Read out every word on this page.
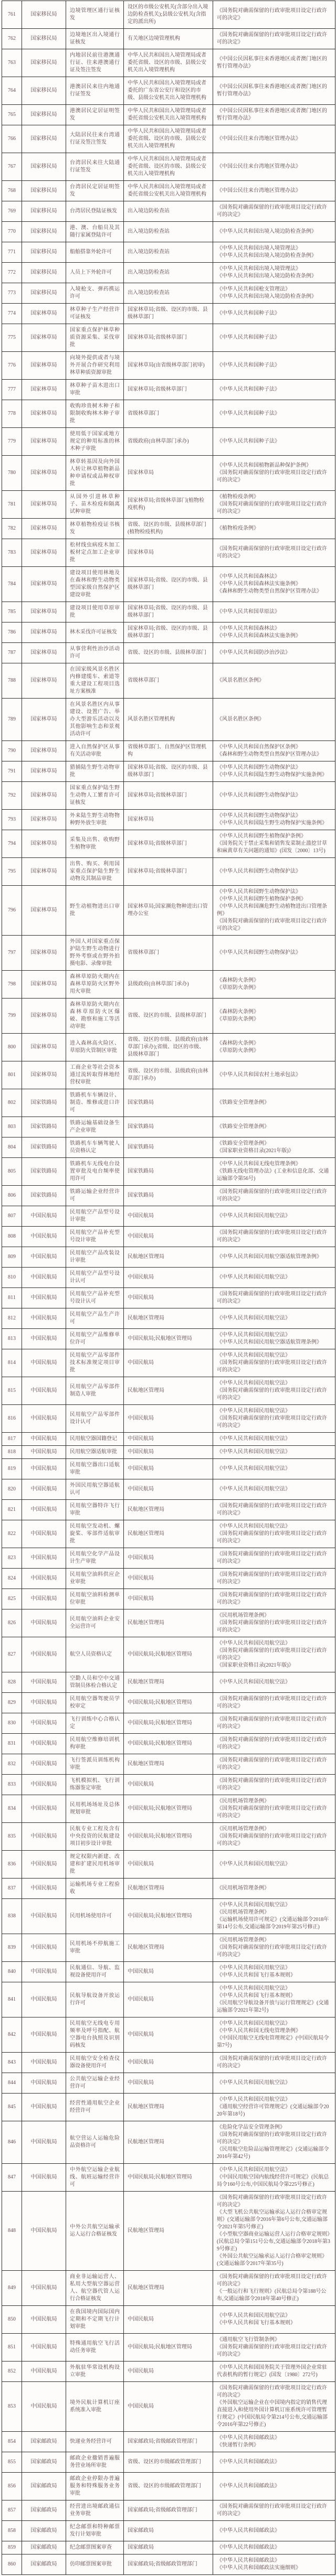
761	国家移民局	边境管理区通行证核发	设区的市级公安机关(含部分出入境边防检查机关);县级公安机关(含指定的派出所)	《国务院对确需保留的行政审批项目设定行政许可的决定》

762	国家移民局	边境地区出入境通行证核发	有关地区边境管理机构	《国务院对确需保留的行政审批项目设定行政许可的决定》

763	国家移民局	内地居民前往港澳通行证、往来港澳通行证及签注签发	中华人民共和国出入境管理局或者委托省级、设区的市级、县级公安机关出入境管理机构	《中国公民因私事往来香港地区或者澳门地区的暂行管理办法》

764	国家移民局	港澳居民来往内地通行证签发	中华人民共和国出入境管理局或者委托的广东省公安厅和设区的市级、县级公安机关出入境管理机构	《中国公民因私事往来香港地区或者澳门地区的暂行管理办法》

765	国家移民局	港澳居民定居证明签发	中华人民共和国出入境管理局或者委托省级公安机关出入境管理机构	《中国公民因私事往来香港地区或者澳门地区的暂行管理办法》

766	国家移民局	大陆居民往来台湾通行证及签注签发	中华人民共和国出入境管理局或者委托省级、设区的市级、县级公安机关出入境管理机构	《中国公民往来台湾地区管理办法》

767	国家移民局	台湾居民来往大陆通行证签发	中华人民共和国出入境管理局或者委托省级、设区的市级、县级公安机关出入境管理机构	《中国公民往来台湾地区管理办法》

768	国家移民局	台湾居民定居证明签发	中华人民共和国出入境管理局或者委托省级公安机关出入境管理机构	《中国公民往来台湾地区管理办法》

769	国家移民局	台湾居民登陆证核发	出入境边防检查站	《国务院对确需保留的行政审批项目设定行政许可的决定》

770	国家移民局	港、澳、台船员及其随行家属登陆许可	出入境边防检查站	《中华人民共和国出境入境边防检查条例》

771	国家移民局	船舶搭靠外轮许可	出入境边防检查站	《中华人民共和国出境入境管理法》
《中华人民共和国出境入境边防检查条例》

772	国家移民局	人员上下外轮许可	出入境边防检查站	《中华人民共和国出境入境管理法》
《中华人民共和国出境入境边防检查条例》

773	国家移民局	入境枪支、弹药携运许可	出入境边防检查站	《中华人民共和国枪支管理法》
《中华人民共和国出境入境边防检查条例》

774	国家林草局	林草种子生产经营许可证核发	国家林草局;省级、设区的市级、县级林草部门	《中华人民共和国种子法》

775	国家林草局	国家重点保护林草种质资源采集、采伐审批	国家林草局;省级林草部门	《中华人民共和国种子法》

776	国家林草局	向境外提供或者与境外开展合作研究利用林草种质资源审批	国家林草局(由省级林草部门初审)	《中华人民共和国种子法》

777	国家林草局	林草种子苗木进出口审批	国家林草局;省级林草部门	《中华人民共和国种子法》

778	国家林草局	收购珍贵树木种子和限制收购林木种子审批	省级林草部门	《中华人民共和国种子法》

779	国家林草局	使用低于国家或地方规定的种用标准的林木种子审批	省级政府(由林草部门承办)	《中华人民共和国种子法》

780	国家林草局	林草转基因及向外国人转让林草植物新品种申请权或品种权审批	国家林草局	《中华人民共和国植物新品种保护条例》
《国务院对确需保留的行政审批项目设定行政许可的决定》

781	国家林草局	从国外引进林草种子、苗木检疫和隔离试种审批	国家林草局;省级林草部门(植物检疫机构)	《植物检疫条例》
《国务院对确需保留的行政审批项目设定行政许可的决定》

782	国家林草局	林草植物检疫证书核发	省级、设区的市级、县级林草部门(植物检疫机构)	《植物检疫条例》

783	国家林草局	松材线虫病疫木加工板材定点加工企业审批	国家林草局	《国务院对确需保留的行政审批项目设定行政许可的决定》

784	国家林草局	建设项目使用林地及在森林和野生动物类型国家级自然保护区建设审批	国家林草局;省级、设区的市级、县级林草部门	《中华人民共和国森林法》
《中华人民共和国森林法实施条例》
《森林和野生动物类型自然保护区管理办法》

785	国家林草局	建设项目使用草原审批	国家林草局;省级、设区的市级、县级林草部门	《中华人民共和国草原法》

786	国家林草局	林木采伐许可证核发	国家林草局;省级、设区的市级、县级林草部门	《中华人民共和国森林法》
《中华人民共和国森林法实施条例》

787	国家林草局	从事营利性治沙活动许可	省级、设区的市级、县级林草部门	《中华人民共和国防沙治沙法》

788	国家林草局	在国家级风景名胜区内修建缆车、索道等重大建设工程项目选址方案核准	省级林草部门	《风景名胜区条例》

789	国家林草局	在风景名胜区内从事建设、设置广告、举办大型游乐活动以及其他影响生态和景观活动许可	风景名胜区管理机构	《风景名胜区条例》

790	国家林草局	进入自然保护区从事有关活动审批	省级林草部门、自然保护区管理机构	《中华人民共和国自然保护区条例》
《森林和野生动物类型自然保护区管理办法》

791	国家林草局	猎捕陆生野生动物审批	国家林草局;省级、设区的市级、县级林草部门	《中华人民共和国野生动物保护法》
《中华人民共和国陆生野生动物保护实施条例》

792	国家林草局	国家重点保护陆生野生动物人工繁育许可证核发	国家林草局;省级林草部门	《中华人民共和国野生动物保护法》

793	国家林草局	外来陆生野生动物物种野外放生审批	国家林草局	《中华人民共和国野生动物保护法》
《中华人民共和国陆生野生动物保护实施条例》

794	国家林草局	采集及出售、收购野生植物审批	国家林草局;省级林草部门	《中华人民共和国野生植物保护条例》
《国务院关于禁止采集和销售发菜制止滥挖甘草和麻黄草有关问题的通知》(国发〔2000〕13号)

795	国家林草局	出售、购买、利用国家重点保护陆生野生动物及其制品审批	国家林草局;省级林草部门	《中华人民共和国野生动物保护法》

796	国家林草局	野生动植物进出口审批	国家林草局;国家濒危物种进出口管理办公室	《中华人民共和国野生动物保护法》
《中华人民共和国野生植物保护条例》
《中华人民共和国濒危野生动植物进出口管理条例》
《国务院对确需保留的行政审批项目设定行政许可的决定》

797	国家林草局	外国人对国家重点保护陆生野生动物进行野外考察或在野外拍摄电影、录像审批	省级林草部门	《中华人民共和国野生动物保护法》

798	国家林草局	森林草原防火期内在森林草原防火区野外用火审批	县级政府(由林草部门承办)	《森林防火条例》
《草原防火条例》

799	国家林草局	森林草原防火期内在森林草原防火区爆破、勘察和施工等活动审批	省级、设区的市级、县级林草部门	《森林防火条例》
《草原防火条例》

800	国家林草局	进入森林高火险区、草原防火管制区审批	省级、设区的市级、县级政府(由林草部门承办);省级、设区的市级、县级林草部门	《森林防火条例》
《草原防火条例》

801	国家林草局	工商企业等社会资本通过流转取得林地经营权审批	省级、设区的市级、县级政府(由林草部门承办)	《中华人民共和国农村土地承包法》

802	国家铁路局	铁路机车车辆设计、制造、维修或进口许可	国家铁路局	《铁路安全管理条例》

803	国家铁路局	铁路运输基础设备生产企业审批	国家铁路局	《铁路安全管理条例》

804	国家铁路局	铁路机车车辆驾驶人员资格认定	国家铁路局	《铁路安全管理条例》
《国家职业资格目录(2021年版)》

805	国家铁路局	铁路机车无线电台设置审批及电台频率使用许可	国家铁路局	《中华人民共和国无线电管理条例》
《铁路无线电管理办法》(工业和信息化部、交通运输部令第56号)

806	国家铁路局	铁路运输企业经营许可	国家铁路局	《国务院对确需保留的行政审批项目设定行政许可的决定》

807	中国民航局	民用航空产品型号设计审批	中国民航局	《中华人民共和国民用航空法》

808	中国民航局	民用航空产品补充型号设计审批	中国民航局	《国务院对确需保留的行政审批项目设定行政许可的决定》

809	中国民航局	民用航空产品改装设计审批	民航地区管理局	《中华人民共和国民用航空器适航管理条例》

810	中国民航局	民用航空产品型号设计认可	中国民航局	《中华人民共和国民用航空法》

811	中国民航局	民用航空产品补充型号设计认可	中国民航局	《国务院对确需保留的行政审批项目设定行政许可的决定》

812	中国民航局	民用航空产品生产许可	民航地区管理局	《中华人民共和国民用航空法》

813	中国民航局	民用航空产品维修单位许可	中国民航局;民航地区管理局	《中华人民共和国民用航空法》
《中华人民共和国民用航空器适航管理条例》

814	中国民航局	民用航空产品零部件技术标准规定项目审批	中国民航局	《中华人民共和国民用航空法》
《国务院对确需保留的行政审批项目设定行政许可的决定》

815	中国民航局	民用航空产品零部件制造人审批	民航地区管理局	《中华人民共和国民用航空法》
《国务院对确需保留的行政审批项目设定行政许可的决定》

816	中国民航局	民用航空产品零部件设计认可	中国民航局	《中华人民共和国民用航空法》
《国务院对确需保留的行政审批项目设定行政许可的决定》

817	中国民航局	民用航空器国籍登记	中国民航局	《中华人民共和国民用航空法》

818	中国民航局	民用航空器适航审批	中国民航局	《中华人民共和国民用航空法》

819	中国民航局	民用航空器出口适航审批	中国民航局	《中华人民共和国民用航空法》

820	中国民航局	外国民用航空器适航认可	中国民航局	《中华人民共和国民用航空法》

821	中国民航局	民用航空器特许飞行审批	民航地区管理局	《国务院对确需保留的行政审批项目设定行政许可的决定》

822	中国民航局	民用航空发动机、螺旋桨、零部件适航审批	民航地区管理局	《中华人民共和国民用航空法》
《国务院对确需保留的行政审批项目设定行政许可的决定》

823	中国民航局	民用航空化学产品设计生产审批	中国民航局	《国务院对确需保留的行政审批项目设定行政许可的决定》

824	中国民航局	民用航空油料供应企业审批	中国民航局	《国务院对确需保留的行政审批项目设定行政许可的决定》

825	中国民航局	民用航空油料检测单位审批	中国民航局	《国务院对确需保留的行政审批项目设定行政许可的决定》

826	中国民航局	民用航空油料企业安全运营许可	民航地区管理局	《民用机场管理条例》
《国务院对确需保留的行政审批项目设定行政许可的决定》

827	中国民航局	航空人员资格认定	中国民航局;民航地区管理局	《中华人民共和国民用航空法》
《国务院对确需保留的行政审批项目设定行政许可的决定》
《国家职业资格目录(2021年版)》

828	中国民航局	空勤人员和空中交通管制员体检合格认定	民航地区管理局	《中华人民共和国民用航空法》

829	中国民航局	民用航空器驾驶员学校审定	中国民航局;民航地区管理局	《国务院对确需保留的行政审批项目设定行政许可的决定》

830	中国民航局	飞行训练中心合格认定	中国民航局;民航地区管理局	《国务院对确需保留的行政审批项目设定行政许可的决定》

831	中国民航局	民用航空维修培训机构审批	中国民航局;民航地区管理局	《国务院对确需保留的行政审批项目设定行政许可的决定》

832	中国民航局	飞行签派员训练机构审批	民航地区管理局	《国务院对确需保留的行政审批项目设定行政许可的决定》

833	中国民航局	飞机模拟机、飞行训练器鉴定审批	中国民航局	《国务院对确需保留的行政审批项目设定行政许可的决定》

834	中国民航局	民用机场场址及总体规划审批	中国民航局;民航地区管理局	《民用机场管理条例》
《国务院对确需保留的行政审批项目设定行政许可的决定》

835	中国民航局	民航专业工程及含有中央投资的民航建设项目初步设计审批	中国民航局;民航地区管理局	《民用机场管理条例》
《国务院对确需保留的行政审批项目设定行政许可的决定》

836	中国民航局	规定权限内新建、改建和扩建民用机场审批	中国民航局	《中华人民共和国民用航空法》

837	中国民航局	运输机场专业工程验收	民航地区管理局	《民用机场管理条例》

838	中国民航局	民用机场使用许可	中国民航局;民航地区管理局	《中华人民共和国民用航空法》
《民用机场管理条例》
《运输机场使用许可规定》(交通运输部令2018年第14号公布,交通运输部令2019年第25号修正)

839	中国民航局	民用机场不停航施工审批	民航地区管理局	《民用机场管理条例》
《国务院对确需保留的行政审批项目设定行政许可的决定》

840	中国民航局	民航通信、导航、监视设备使用许可	中国民航局	《中华人民共和国民用航空法》
《中华人民共和国飞行基本规则》

841	中国民航局	民航导航设备开放运行许可	中国民航局	《中华人民共和国民用航空法》
《中华人民共和国飞行基本规则》
《民用航空导航设备开放与运行管理规定》(交通运输部令2021年第2号)

842	中国民航局	民用航空无线电专用频率及呼号指配、航空器电台执照及识别码核发	中国民航局	《中华人民共和国民用航空法》
《中华人民共和国无线电管理条例》
《中国民用航空无线电管理规定》(中国民航局令第7号)

843	中国民航局	民用航空安全检查仪器设备使用许可	中国民航局	《国务院对确需保留的行政审批项目设定行政许可的决定》

844	中国民航局	公共航空运输企业经营许可	中国民航局	《中华人民共和国民用航空法》

845	中国民航局	经营性通用航空企业经营许可	民航地区管理局	《中华人民共和国民用航空法》
《通用航空经营许可管理规定》(交通运输部令2020年第18号)

846	中国民航局	航空营运人运输危险品资格许可	民航地区管理局	《危险化学品安全管理条例》
《国务院对确需保留的行政审批项目设定行政许可的决定》
《民用航空危险品运输管理规定》(交通运输部令2016年第42号)

847	中国民航局	中外航空运输企业航线、航班运输经营许可	中国民航局;民航地区管理局	《中华人民共和国民用航空法》
《中国民用航空国内航线经营许可规定》(民航总局令160号公布,中国民航局令第225号修正)

848	中国民航局	中外公共航空运输承运人运行合格证核发	民航地区管理局	《国务院对确需保留的行政审批项目设定行政许可的决定》
《大型飞机公共航空运输承运人运行合格审定规则》(交通运输部令2016年第6号公布,交通运输部令2021年第5号修正)
《小型航空器商业运输运营人运行合格审定规则》(民航总局令第151号公布,交通运输部令2018年第39号修正)
《外国公共航空运输承运人运行合格审定规则》(交通运输部令2017年第35号)

849	中国民航局	商业非运输运营人、私用大型航空器运营人、航空器代管人运行合格证核发	民航地区管理局	《国务院对确需保留的行政审批项目设定行政许可的决定》
《一般运行和飞行规则》(民航总局令第188号公布,交通运输部令2018年第40号修正)

850	中国民航局	在我国境内国际国内定期和不定期飞行计划审批	中国民航局	《中华人民共和国民用航空法》
《中华人民共和国飞行基本规则》

851	中国民航局	特殊通用航空飞行活动任务审批	中国民航局;民航地区管理局	《通用航空飞行管制条例》
《国务院对确需保留的行政审批项目设定行政许可的决定》

852	中国民航局	外航驻华常设机构设立审批	中国民航局	《中华人民共和国国务院关于管理外国企业常驻代表机构的暂行规定》(国发〔1980〕272号)

853	中国民航局	境外民航计算机订座系统准入审批	中国民航局	《国务院对确需保留的行政审批项目设定行政许可的决定》
《外国航空运输企业在中国境内指定的销售代理直接进入和使用外国计算机订座系统许可管理暂行规定》(中国民航局令第214号公布,交通运输部令2016年第22号修正)

854	国家邮政局	快递业务经营许可	国家邮政局;省级邮政管理部门	《中华人民共和国邮政法》
《快递暂行条例》

855	国家邮政局	邮政企业撤销普遍服务营业场所审批	省级、设区的市级邮政管理部门	《中华人民共和国邮政法》

856	国家邮政局	邮政企业停限办普遍服务和特殊服务业务审批	省级、设区的市级邮政管理部门	《中华人民共和国邮政法》

857	国家邮政局	经营进出境邮政通信业务审批	国家邮政局;省级邮政管理部门	《国务院对确需保留的行政审批项目设定行政许可的决定》

858	国家邮政局	纪念邮票和特种邮票发行计划审批	国家邮政局	《中华人民共和国邮政法》

859	国家邮政局	纪念邮票图案审查	国家邮政局	《中华人民共和国邮政法》

860	国家邮政局	仿印邮票图案审批	国家邮政局;省级邮政管理部门	《中华人民共和国邮政法》
《中华人民共和国邮政法实施细则》
